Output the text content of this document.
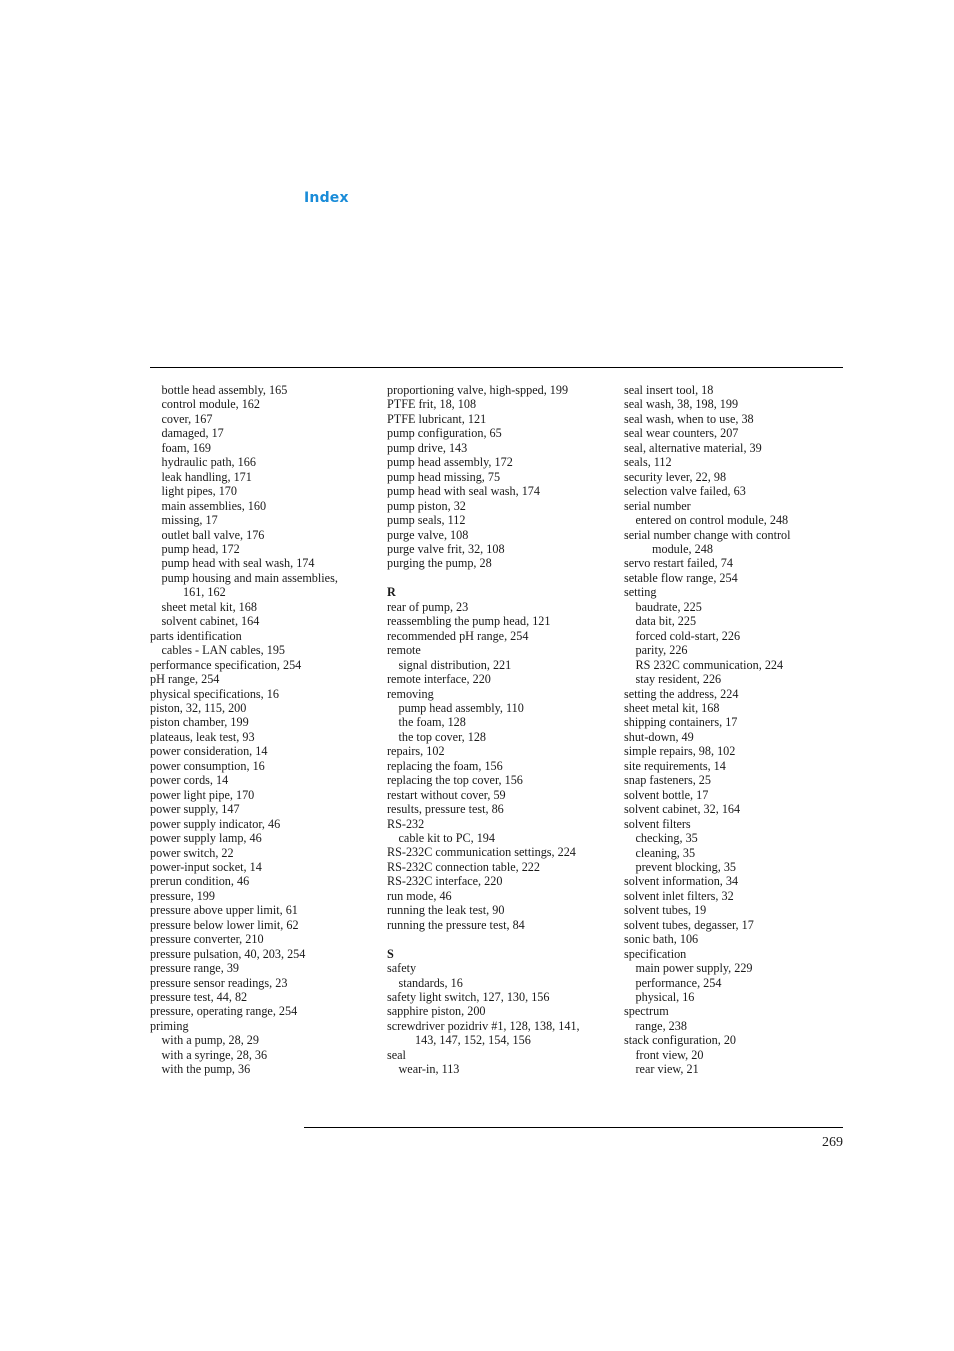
Index
bottle head assembly, 165
control module, 162
cover, 167
damaged, 17
foam, 169
hydraulic path, 166
leak handling, 171
light pipes, 170
main assemblies, 160
missing, 17
outlet ball valve, 176
pump head, 172
pump head with seal wash, 174
pump housing and main assemblies,
161, 162
sheet metal kit, 168
solvent cabinet, 164
parts identification
cables - LAN cables, 195
performance specification, 254
pH range, 254
physical specifications, 16
piston, 32, 115, 200
piston chamber, 199
plateaus, leak test, 93
power consideration, 14
power consumption, 16
power cords, 14
power light pipe, 170
power supply, 147
power supply indicator, 46
power supply lamp, 46
power switch, 22
power-input socket, 14
prerun condition, 46
pressure, 199
pressure above upper limit, 61
pressure below lower limit, 62
pressure converter, 210
pressure pulsation, 40, 203, 254
pressure range, 39
pressure sensor readings, 23
pressure test, 44, 82
pressure, operating range, 254
priming
with a pump, 28, 29
with a syringe, 28, 36
with the pump, 36
proportioning valve, high-spped, 199
PTFE frit, 18, 108
PTFE lubricant, 121
pump configuration, 65
pump drive, 143
pump head assembly, 172
pump head missing, 75
pump head with seal wash, 174
pump piston, 32
pump seals, 112
purge valve, 108
purge valve frit, 32, 108
purging the pump, 28
R
rear of pump, 23
reassembling the pump head, 121
recommended pH range, 254
remote
signal distribution, 221
remote interface, 220
removing
pump head assembly, 110
the foam, 128
the top cover, 128
repairs, 102
replacing the foam, 156
replacing the top cover, 156
restart without cover, 59
results, pressure test, 86
RS-232
cable kit to PC, 194
RS-232C communication settings, 224
RS-232C connection table, 222
RS-232C interface, 220
run mode, 46
running the leak test, 90
running the pressure test, 84
S
safety
standards, 16
safety light switch, 127, 130, 156
sapphire piston, 200
screwdriver pozidriv #1, 128, 138, 141,
143, 147, 152, 154, 156
seal
wear-in, 113
seal insert tool, 18
seal wash, 38, 198, 199
seal wash, when to use, 38
seal wear counters, 207
seal, alternative material, 39
seals, 112
security lever, 22, 98
selection valve failed, 63
serial number
entered on control module, 248
serial number change with control
module, 248
servo restart failed, 74
setable flow range, 254
setting
baudrate, 225
data bit, 225
forced cold-start, 226
parity, 226
RS 232C communication, 224
stay resident, 226
setting the address, 224
sheet metal kit, 168
shipping containers, 17
shut-down, 49
simple repairs, 98, 102
site requirements, 14
snap fasteners, 25
solvent bottle, 17
solvent cabinet, 32, 164
solvent filters
checking, 35
cleaning, 35
prevent blocking, 35
solvent information, 34
solvent inlet filters, 32
solvent tubes, 19
solvent tubes, degasser, 17
sonic bath, 106
specification
main power supply, 229
performance, 254
physical, 16
spectrum
range, 238
stack configuration, 20
front view, 20
rear view, 21
269
